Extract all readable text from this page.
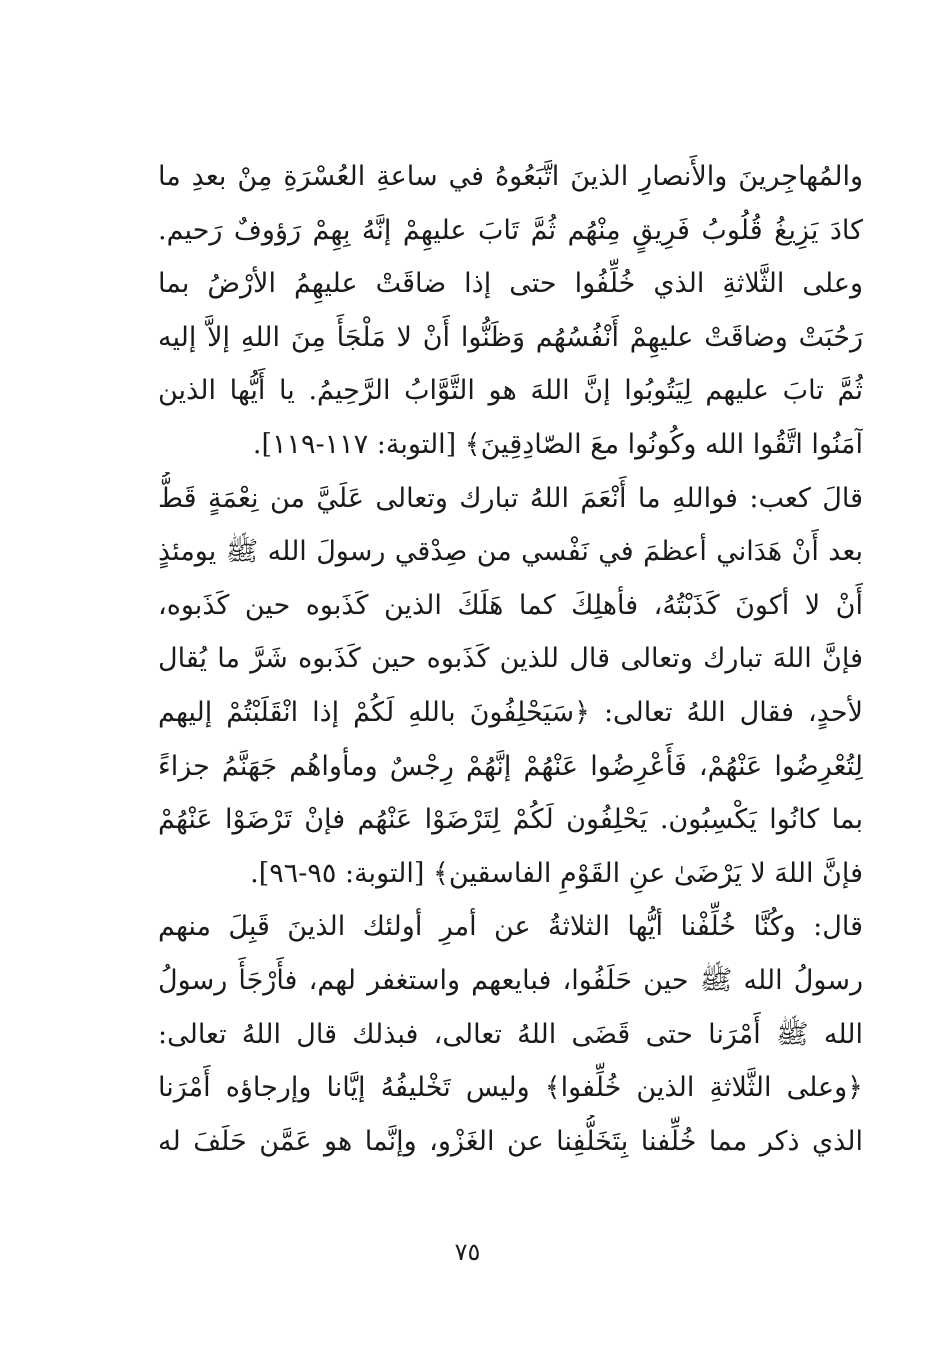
والمُهاجِرينَ والأَنصارِ الذينَ اتَّبَعُوهُ في ساعةِ العُسْرَةِ مِنْ بعدِ ما
كادَ يَزِيغُ قُلُوبُ فَرِيقٍ مِنْهُم ثُمَّ تَابَ عليهِمْ إنَّهُ بِهِمْ رَؤوفٌ رَحيم.
وعلى الثَّلاثةِ الذي خُلِّفُوا حتى إذا ضاقَتْ عليهِمُ الأرْضُ بما
رَحُبَتْ وضاقَتْ عليهِمْ أَنْفُسُهُم وَظَنُّوا أَنْ لا مَلْجَأَ مِنَ اللهِ إلاَّ إليه
ثُمَّ تابَ عليهم لِيَتُوبُوا إنَّ اللهَ هو التَّوَّابُ الرَّحِيمُ. يا أَيُّها الذين
آمَنُوا اتَّقُوا الله وكُونُوا معَ الصّادِقِينَ﴾ [التوبة: ١١٧-١١٩].
قالَ كعب: فواللهِ ما أَنْعَمَ اللهُ تبارك وتعالى عَلَيَّ من نِعْمَةٍ قَطُّ
بعد أَنْ هَدَاني أعظمَ في نَفْسي من صِدْقي رسولَ الله ﷺ يومئذٍ
أَنْ لا أكونَ كَذَبْتُهُ، فأهلِكَ كما هَلَكَ الذين كَذَبوه حين كَذَبوه،
فإنَّ اللهَ تبارك وتعالى قال للذين كَذَبوه حين كَذَبوه شَرَّ ما يُقال
لأحدٍ، فقال اللهُ تعالى: ﴿سَيَحْلِفُونَ باللهِ لَكُمْ إذا انْقَلَبْتُمْ إليهم
لِتُعْرِضُوا عَنْهُمْ، فَأَعْرِضُوا عَنْهُمْ إنَّهُمْ رِجْسٌ ومأواهُم جَهَنَّمُ جزاءً
بما كانُوا يَكْسِبُون. يَحْلِفُون لَكُمْ لِتَرْضَوْا عَنْهُم فإنْ تَرْضَوْا عَنْهُمْ
فإنَّ اللهَ لا يَرْضَىٰ عنِ القَوْمِ الفاسقين﴾ [التوبة: ٩٥-٩٦].
قال: وكُنَّا خُلِّفْنا أيُّها الثلاثةُ عن أمرِ أولئك الذينَ قَبِلَ منهم
رسولُ الله ﷺ حين حَلَفُوا، فبايعهم واستغفر لهم، فأَرْجَأَ رسولُ
الله ﷺ أَمْرَنا حتى قَضَى اللهُ تعالى، فبذلك قال اللهُ تعالى:
﴿وعلى الثَّلاثةِ الذين خُلِّفوا﴾ وليس تَخْليفُهُ إيَّانا وإرجاؤه أَمْرَنا
الذي ذكر مما خُلِّفنا بِتَخَلُّفِنا عن الغَزْو، وإنَّما هو عَمَّن حَلَفَ له
٧٥
